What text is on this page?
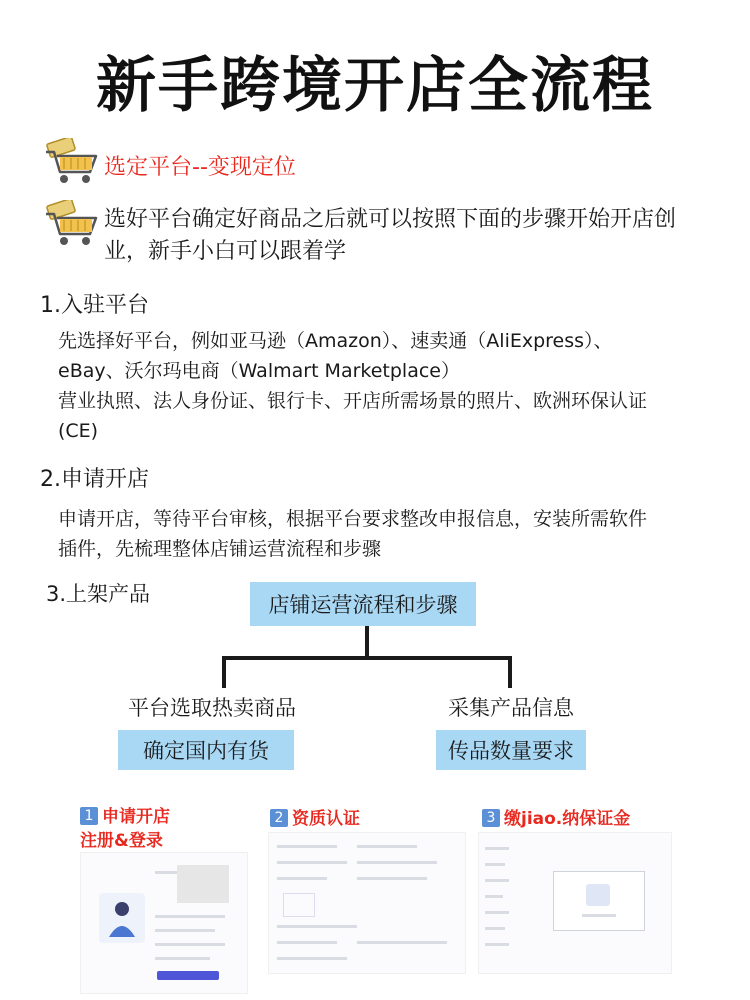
新手跨境开店全流程
选定平台--变现定位
选好平台确定好商品之后就可以按照下面的步骤开始开店创
业，新手小白可以跟着学
1.入驻平台
先选择好平台，例如亚马逊（Amazon）、速卖通（AliExpress）、
eBay、沃尔玛电商（Walmart Marketplace）
营业执照、法人身份证、银行卡、开店所需场景的照片、欧洲环保认证
(CE)
2.申请开店
申请开店，等待平台审核，根据平台要求整改申报信息，安装所需软件
插件，先梳理整体店铺运营流程和步骤
3.上架产品	店铺运营流程和步骤
平台选取热卖商品	采集产品信息
确定国内有货	传品数量要求
1 申请开店
注册&登录
2 资质认证	3 缴jiao.纳保证金
